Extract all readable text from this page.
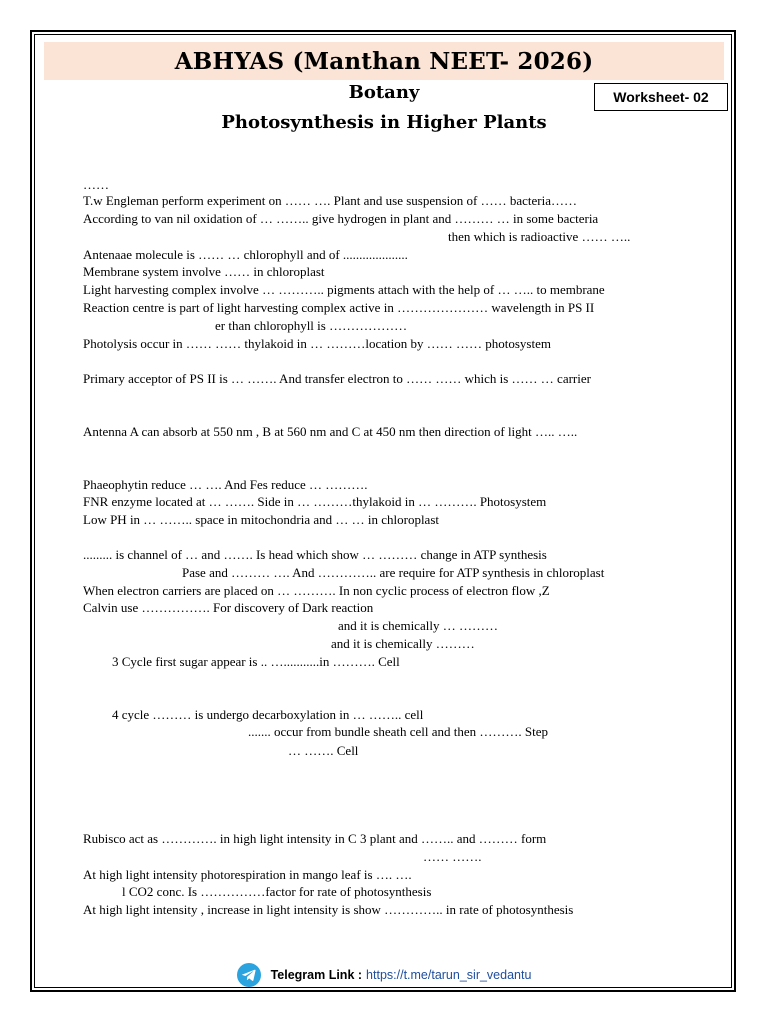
ABHYAS (Manthan NEET- 2026)
Botany
Photosynthesis in Higher Plants
Worksheet- 02
……
T.w Engleman perform experiment on …… …. Plant and use suspension of …… bacteria……
According to van nil oxidation of … …….. give hydrogen in plant and ……… … in some bacteria
then which is radioactive …… …..
Antenaae molecule is …… … chlorophyll and of ....................
Membrane system involve …… in chloroplast
Light harvesting complex involve … ……….. pigments attach with the help of … ….. to membrane
Reaction centre is part of light harvesting complex active in ………………… wavelength in PS II
er than chlorophyll is ………………
Photolysis occur in …… …… thylakoid in … ………location by …… …… photosystem
Primary acceptor of PS II is … ……. And transfer electron to …… …… which is …… … carrier
Antenna A can absorb at 550 nm , B at 560 nm and C at 450 nm then direction of light ….. …..
Phaeophytin reduce … …. And Fes reduce … ……….
FNR enzyme located at … ……. Side in … ………thylakoid in … ………. Photosystem
Low PH in … …….. space in mitochondria and … … in chloroplast
......... is channel of … and ……. Is head which show … ……… change in ATP synthesis
Pase and ……… …. And ………….. are require for ATP synthesis in chloroplast
When electron carriers are placed on … ………. In non cyclic process of electron flow ,Z
Calvin use ……………. For discovery of Dark reaction
and it is chemically … ………
and it is chemically ………
3 Cycle first sugar appear is .. …...........in ………. Cell
4 cycle ……… is undergo decarboxylation in … …….. cell
....... occur from bundle sheath cell and then ………. Step
… ……. Cell
Rubisco act as …………. in high light intensity in C 3 plant and …….. and ……… form
…… …….
At high light intensity photorespiration in mango leaf is …. ….
l CO2 conc. Is ……………factor for rate of photosynthesis
At high light intensity , increase in light intensity is show ………….. in rate of photosynthesis
Telegram Link : https://t.me/tarun_sir_vedantu
